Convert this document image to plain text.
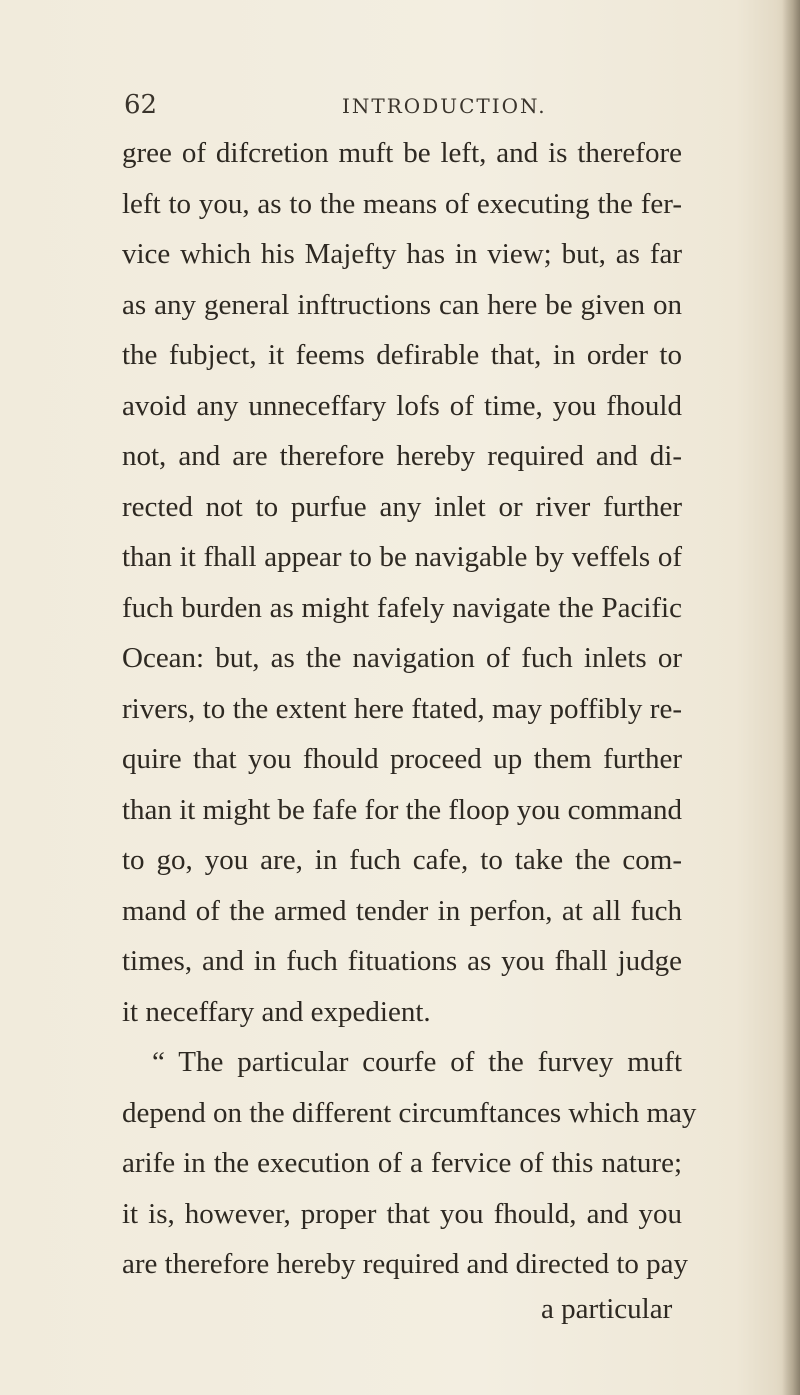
62	INTRODUCTION.
gree of difcretion muft be left, and is therefore
left to you, as to the means of executing the fer-
vice which his Majefty has in view; but, as far
as any general inftructions can here be given on
the fubject, it feems defirable that, in order to
avoid any unneceffary lofs of time, you fhould
not, and are therefore hereby required and di-
rected not to purfue any inlet or river further
than it fhall appear to be navigable by veffels of
fuch burden as might fafely navigate the Pacific
Ocean: but, as the navigation of fuch inlets or
rivers, to the extent here ftated, may poffibly re-
quire that you fhould proceed up them further
than it might be fafe for the floop you command
to go, you are, in fuch cafe, to take the com-
mand of the armed tender in perfon, at all fuch
times, and in fuch fituations as you fhall judge
it neceffary and expedient.
“ The particular courfe of the furvey muft
depend on the different circumftances which may
arife in the execution of a fervice of this nature;
it is, however, proper that you fhould, and you
are therefore hereby required and directed to pay
a particular
